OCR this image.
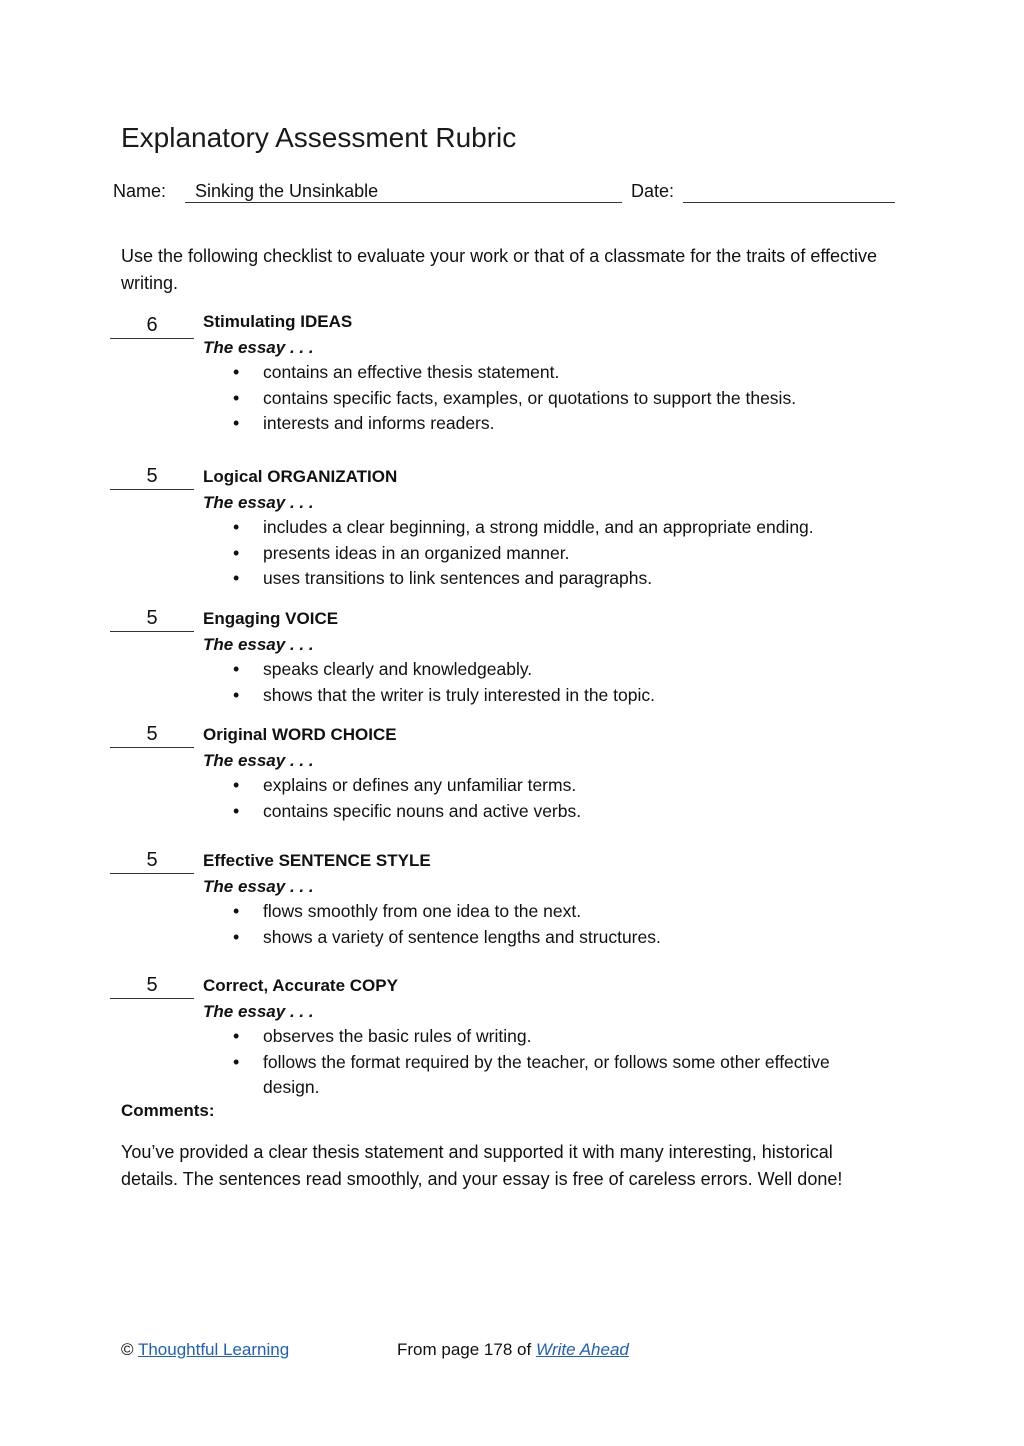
Explanatory Assessment Rubric
Name:	Sinking the Unsinkable	Date:
Use the following checklist to evaluate your work or that of a classmate for the traits of effective writing.
6	Stimulating IDEAS
The essay . . .
• contains an effective thesis statement.
• contains specific facts, examples, or quotations to support the thesis.
• interests and informs readers.
5	Logical ORGANIZATION
The essay . . .
• includes a clear beginning, a strong middle, and an appropriate ending.
• presents ideas in an organized manner.
• uses transitions to link sentences and paragraphs.
5	Engaging VOICE
The essay . . .
• speaks clearly and knowledgeably.
• shows that the writer is truly interested in the topic.
5	Original WORD CHOICE
The essay . . .
• explains or defines any unfamiliar terms.
• contains specific nouns and active verbs.
5	Effective SENTENCE STYLE
The essay . . .
• flows smoothly from one idea to the next.
• shows a variety of sentence lengths and structures.
5	Correct, Accurate COPY
The essay . . .
• observes the basic rules of writing.
• follows the format required by the teacher, or follows some other effective design.
Comments:
You’ve provided a clear thesis statement and supported it with many interesting, historical details. The sentences read smoothly, and your essay is free of careless errors. Well done!
© Thoughtful Learning	From page 178 of Write Ahead
